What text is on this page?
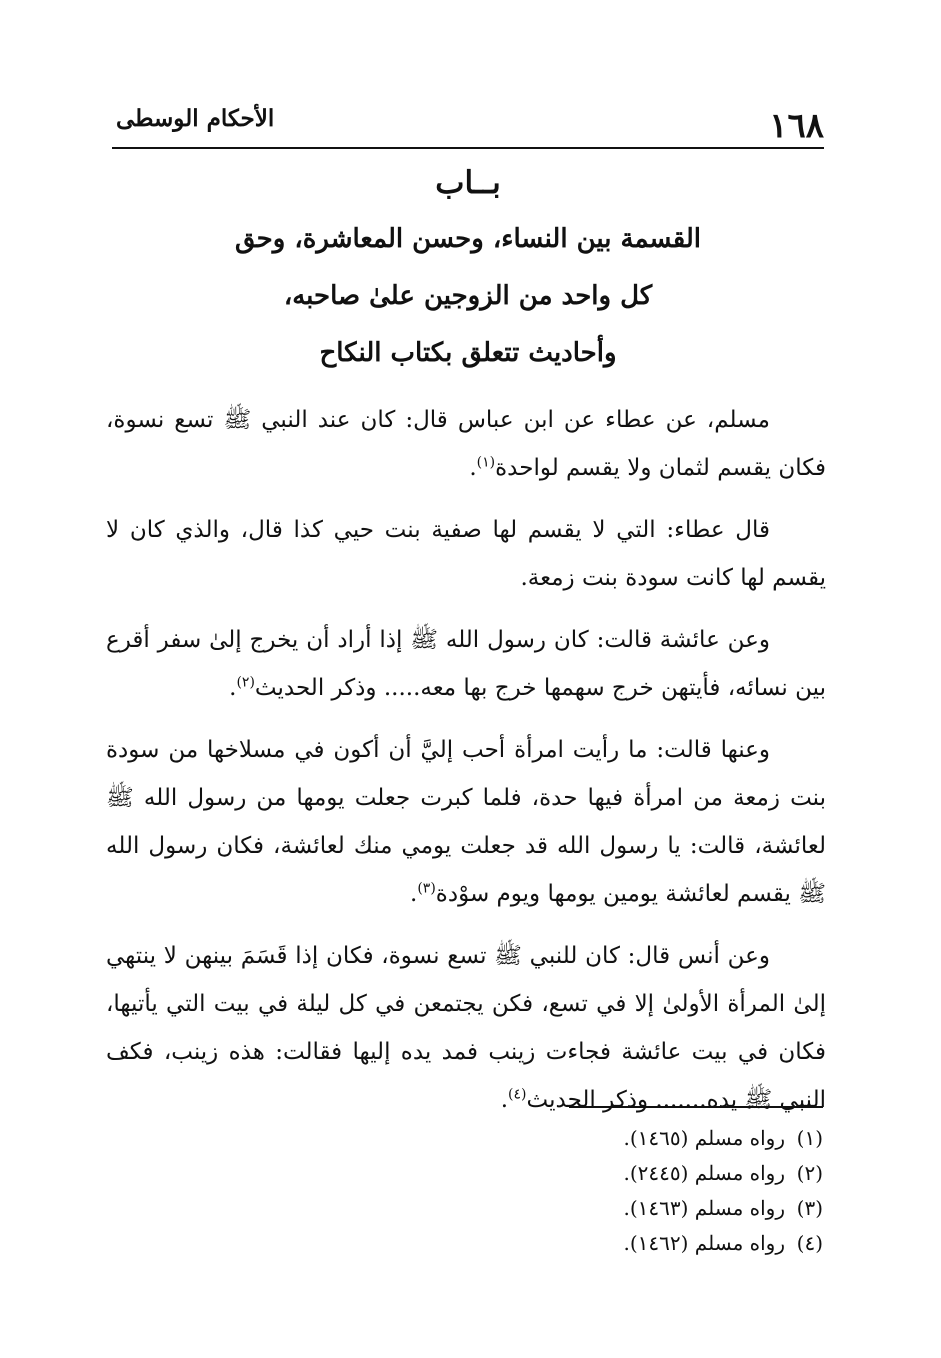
١٦٨
الأحكام الوسطى
بــاب
القسمة بين النساء، وحسن المعاشرة، وحق
كل واحد من الزوجين علىٰ صاحبه،
وأحاديث تتعلق بكتاب النكاح

مسلم، عن عطاء عن ابن عباس قال: كان عند النبي ﷺ تسع نسوة، فكان يقسم لثمان ولا يقسم لواحدة$^{(١)}$.

قال عطاء: التي لا يقسم لها صفية بنت حيي كذا قال، والذي كان لا يقسم لها كانت سودة بنت زمعة.

وعن عائشة قالت: كان رسول الله ﷺ إذا أراد أن يخرج إلىٰ سفر أقرع بين نسائه، فأيتهن خرج سهمها خرج بها معه..... وذكر الحديث$^{(٢)}$.

وعنها قالت: ما رأيت امرأة أحب إليَّ أن أكون في مسلاخها من سودة بنت زمعة من امرأة فيها حدة، فلما كبرت جعلت يومها من رسول الله ﷺ لعائشة، قالت: يا رسول الله قد جعلت يومي منك لعائشة، فكان رسول الله ﷺ يقسم لعائشة يومين يومها ويوم سوْدة$^{(٣)}$.

وعن أنس قال: كان للنبي ﷺ تسع نسوة، فكان إذا قَسَمَ بينهن لا ينتهي إلىٰ المرأة الأولىٰ إلا في تسع، فكن يجتمعن في كل ليلة في بيت التي يأتيها، فكان في بيت عائشة فجاءت زينب فمد يده إليها فقالت: هذه زينب، فكف النبي ﷺ يده....... وذكر الحديث$^{(٤)}$.

(١)رواه مسلم (١٤٦٥).
(٢)رواه مسلم (٢٤٤٥).
(٣)رواه مسلم (١٤٦٣).
(٤)رواه مسلم (١٤٦٢).
